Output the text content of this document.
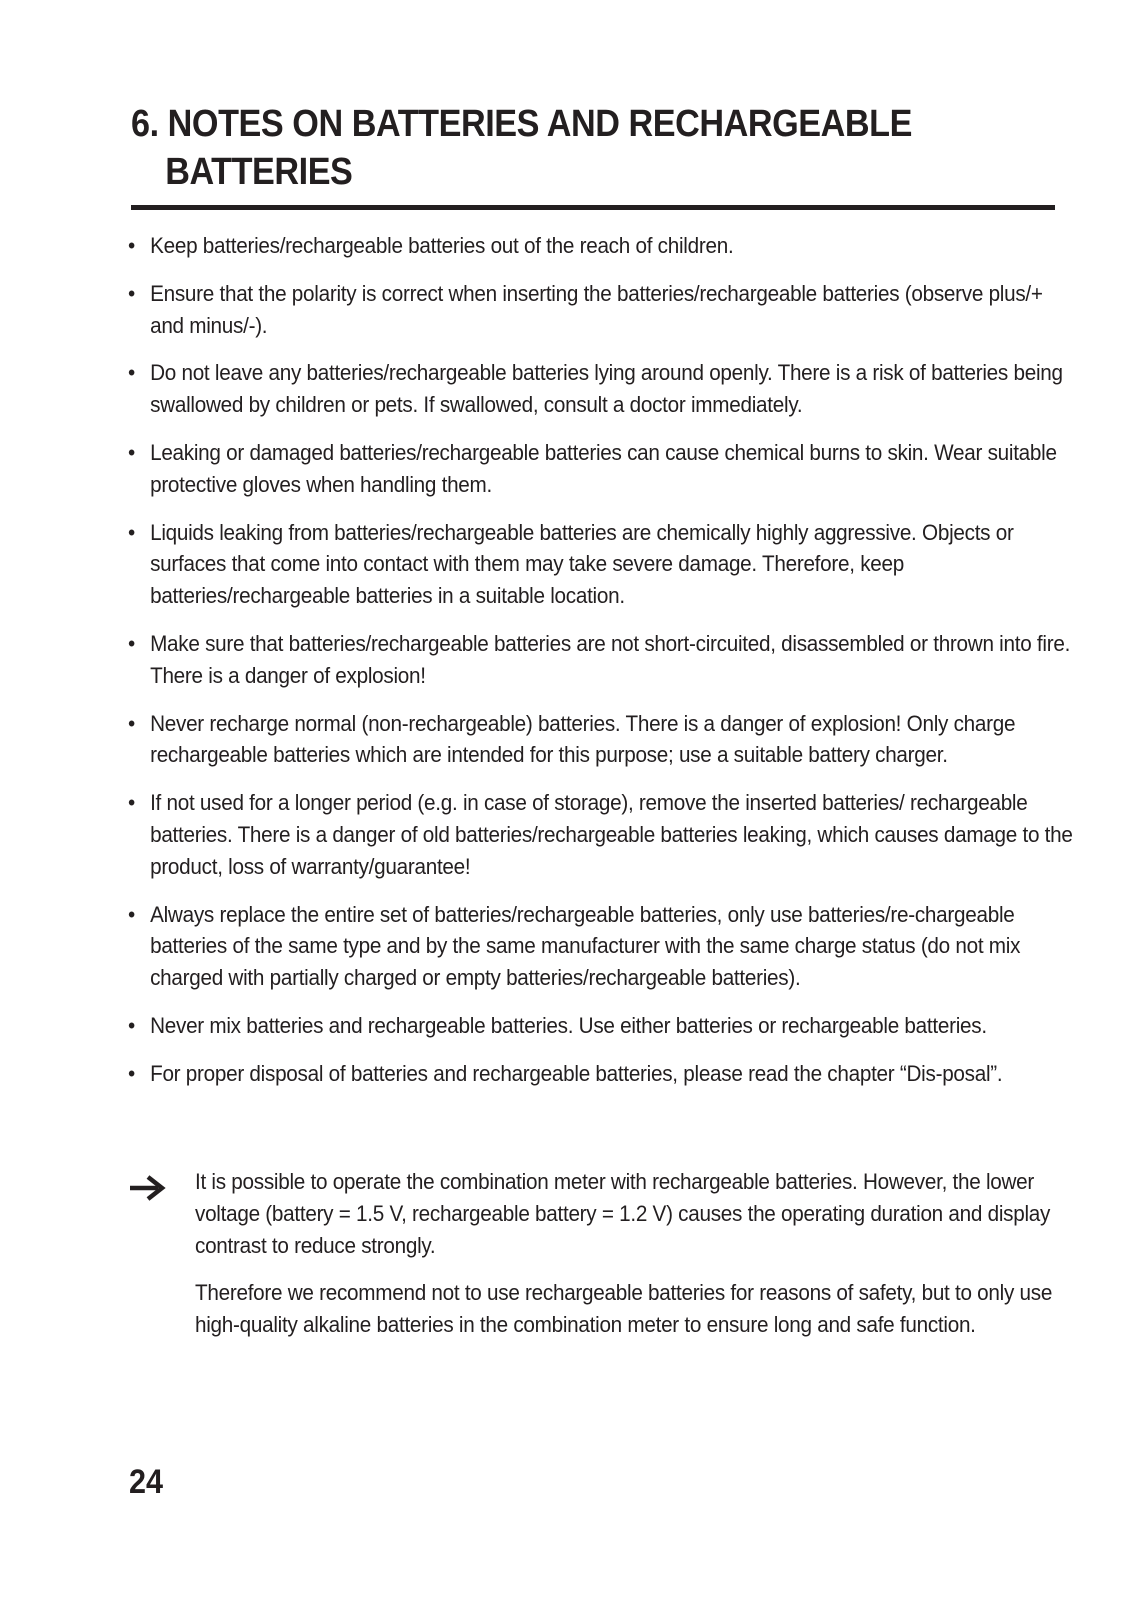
6. NOTES ON BATTERIES AND RECHARGEABLE
BATTERIES
• Keep batteries/rechargeable batteries out of the reach of children.
• Ensure that the polarity is correct when inserting the batteries/rechargeable batteries (observe plus/+ and minus/-).
• Do not leave any batteries/rechargeable batteries lying around openly. There is a risk of batteries being swallowed by children or pets. If swallowed, consult a doctor immediately.
• Leaking or damaged batteries/rechargeable batteries can cause chemical burns to skin. Wear suitable protective gloves when handling them.
• Liquids leaking from batteries/rechargeable batteries are chemically highly aggressive. Objects or surfaces that come into contact with them may take severe damage. Therefore, keep batteries/rechargeable batteries in a suitable location.
• Make sure that batteries/rechargeable batteries are not short-circuited, disassembled or thrown into fire. There is a danger of explosion!
• Never recharge normal (non-rechargeable) batteries. There is a danger of explosion! Only charge rechargeable batteries which are intended for this purpose; use a suitable battery charger.
• If not used for a longer period (e.g. in case of storage), remove the inserted batteries/ rechargeable batteries. There is a danger of old batteries/rechargeable batteries leaking, which causes damage to the product, loss of warranty/guarantee!
• Always replace the entire set of batteries/rechargeable batteries, only use batteries/re-chargeable batteries of the same type and by the same manufacturer with the same charge status (do not mix charged with partially charged or empty batteries/rechargeable batteries).
• Never mix batteries and rechargeable batteries. Use either batteries or rechargeable batteries.
• For proper disposal of batteries and rechargeable batteries, please read the chapter “Dis-posal”.

It is possible to operate the combination meter with rechargeable batteries. However, the lower voltage (battery = 1.5 V, rechargeable battery = 1.2 V) causes the operating duration and display contrast to reduce strongly.

Therefore we recommend not to use rechargeable batteries for reasons of safety, but to only use high-quality alkaline batteries in the combination meter to ensure long and safe function.

24
